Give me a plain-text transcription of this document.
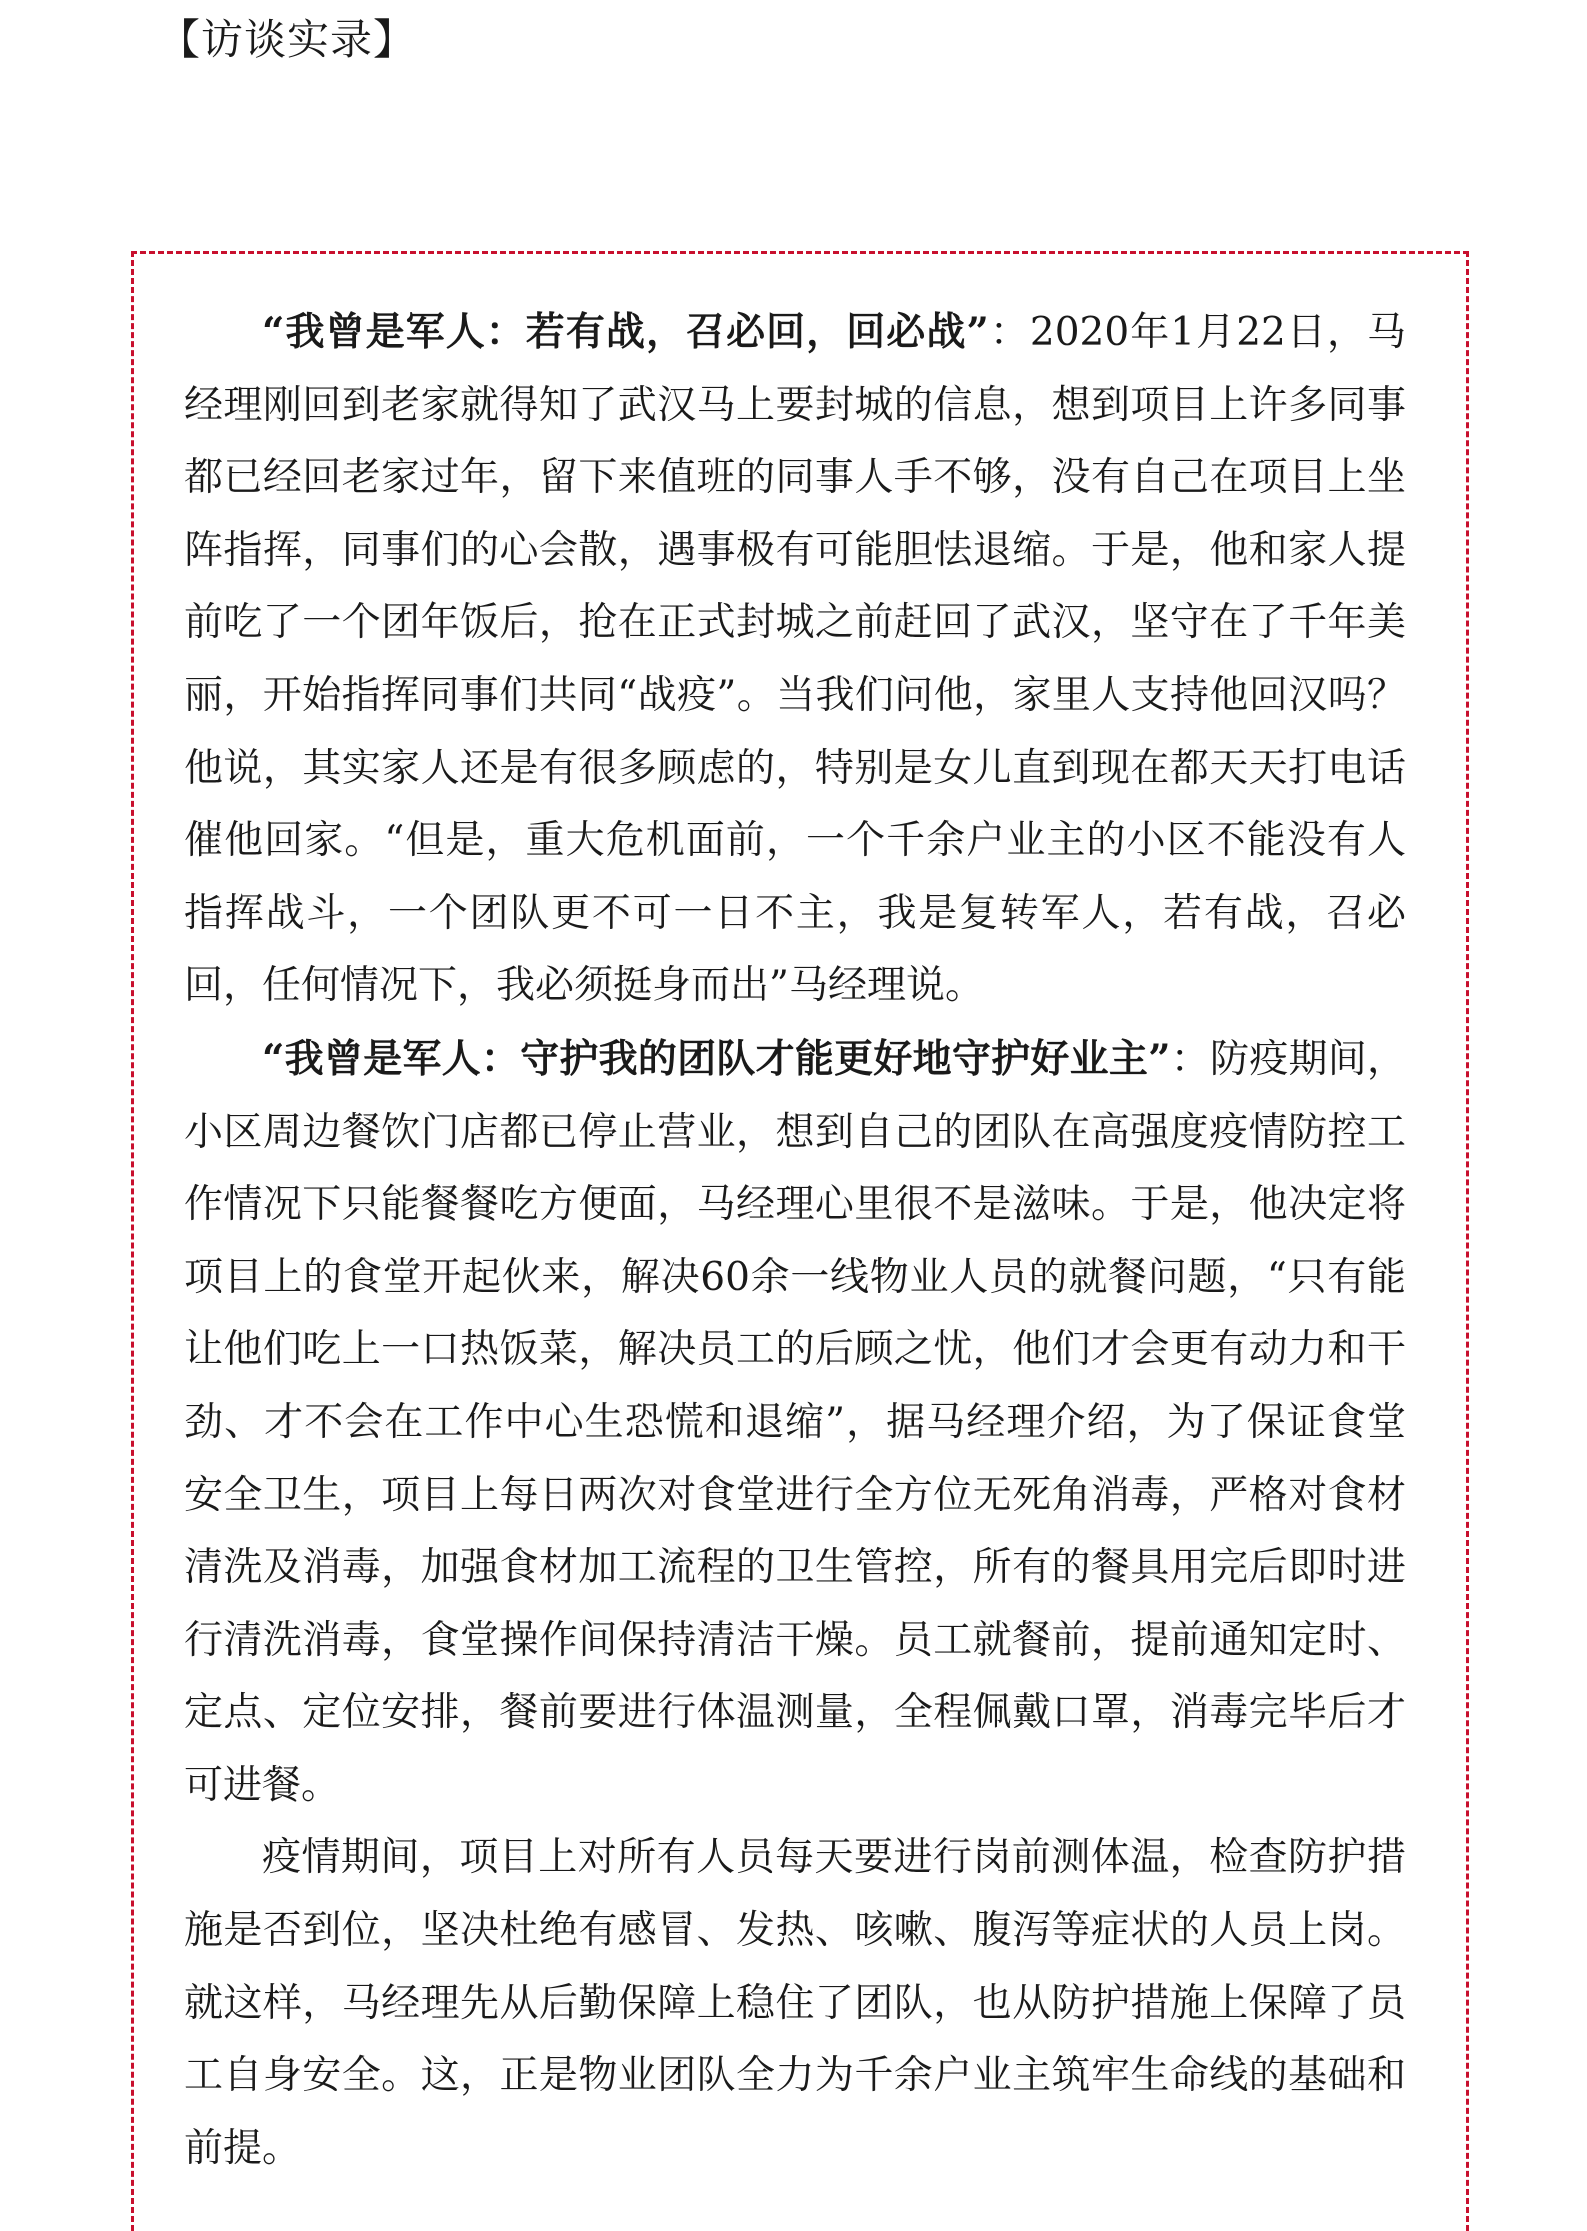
【访谈实录】

“我曾是军人：若有战，召必回，回必战”：2020年1月22日，马经理刚回到老家就得知了武汉马上要封城的信息，想到项目上许多同事都已经回老家过年，留下来值班的同事人手不够，没有自己在项目上坐阵指挥，同事们的心会散，遇事极有可能胆怯退缩。于是，他和家人提前吃了一个团年饭后，抢在正式封城之前赶回了武汉，坚守在了千年美丽，开始指挥同事们共同“战疫”。当我们问他，家里人支持他回汉吗？他说，其实家人还是有很多顾虑的，特别是女儿直到现在都天天打电话催他回家。“但是，重大危机面前，一个千余户业主的小区不能没有人指挥战斗，一个团队更不可一日不主，我是复转军人，若有战，召必回，任何情况下，我必须挺身而出”马经理说。

“我曾是军人：守护我的团队才能更好地守护好业主”：防疫期间，小区周边餐饮门店都已停止营业，想到自己的团队在高强度疫情防控工作情况下只能餐餐吃方便面，马经理心里很不是滋味。于是，他决定将项目上的食堂开起伙来，解决60余一线物业人员的就餐问题，“只有能让他们吃上一口热饭菜，解决员工的后顾之忧，他们才会更有动力和干劲、才不会在工作中心生恐慌和退缩”，据马经理介绍，为了保证食堂安全卫生，项目上每日两次对食堂进行全方位无死角消毒，严格对食材清洗及消毒，加强食材加工流程的卫生管控，所有的餐具用完后即时进行清洗消毒，食堂操作间保持清洁干燥。员工就餐前，提前通知定时、定点、定位安排，餐前要进行体温测量，全程佩戴口罩，消毒完毕后才可进餐。

疫情期间，项目上对所有人员每天要进行岗前测体温，检查防护措施是否到位，坚决杜绝有感冒、发热、咳嗽、腹泻等症状的人员上岗。就这样，马经理先从后勤保障上稳住了团队，也从防护措施上保障了员工自身安全。这，正是物业团队全力为千余户业主筑牢生命线的基础和前提。
